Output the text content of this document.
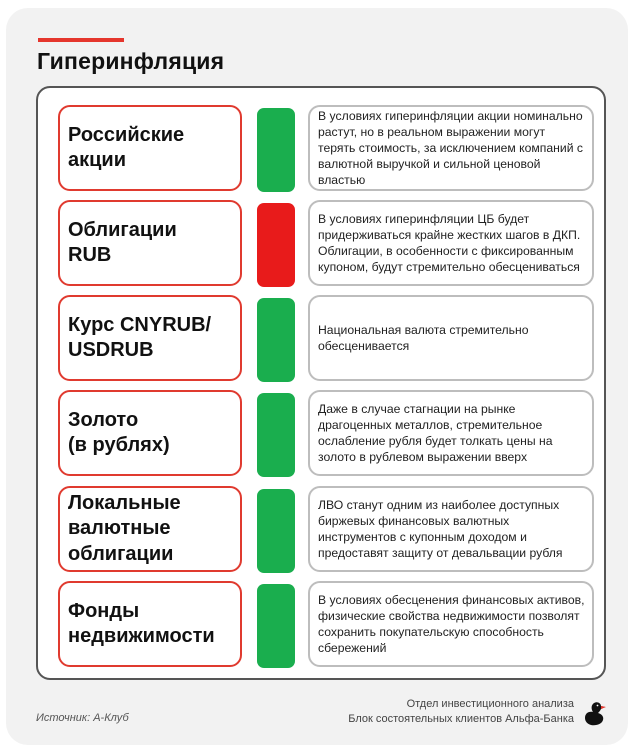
Гиперинфляция
Российские
акции
В условиях гиперинфляции акции номинально растут, но в реальном выражении могут терять стоимость, за исключением компаний с валютной выручкой и сильной ценовой властью
Облигации
RUB
В условиях гиперинфляции ЦБ будет придерживаться крайне жестких шагов в ДКП. Облигации, в особенности с фиксированным купоном, будут стремительно обесцениваться
Курс CNYRUB/
USDRUB
Национальная валюта стремительно обесценивается
Золото
(в рублях)
Даже в случае стагнации на рынке драгоценных металлов, стремительное ослабление рубля будет толкать цены на золото в рублевом выражении вверх
Локальные
валютные
облигации
ЛВО станут одним из наиболее доступных биржевых финансовых валютных инструментов с купонным доходом и предоставят защиту от девальвации рубля
Фонды
недвижимости
В условиях обесценения финансовых активов, физические свойства недвижимости позволят сохранить покупательскую способность сбережений
Источник: А-Клуб
Отдел инвестиционного анализа
Блок состоятельных клиентов Альфа-Банка
